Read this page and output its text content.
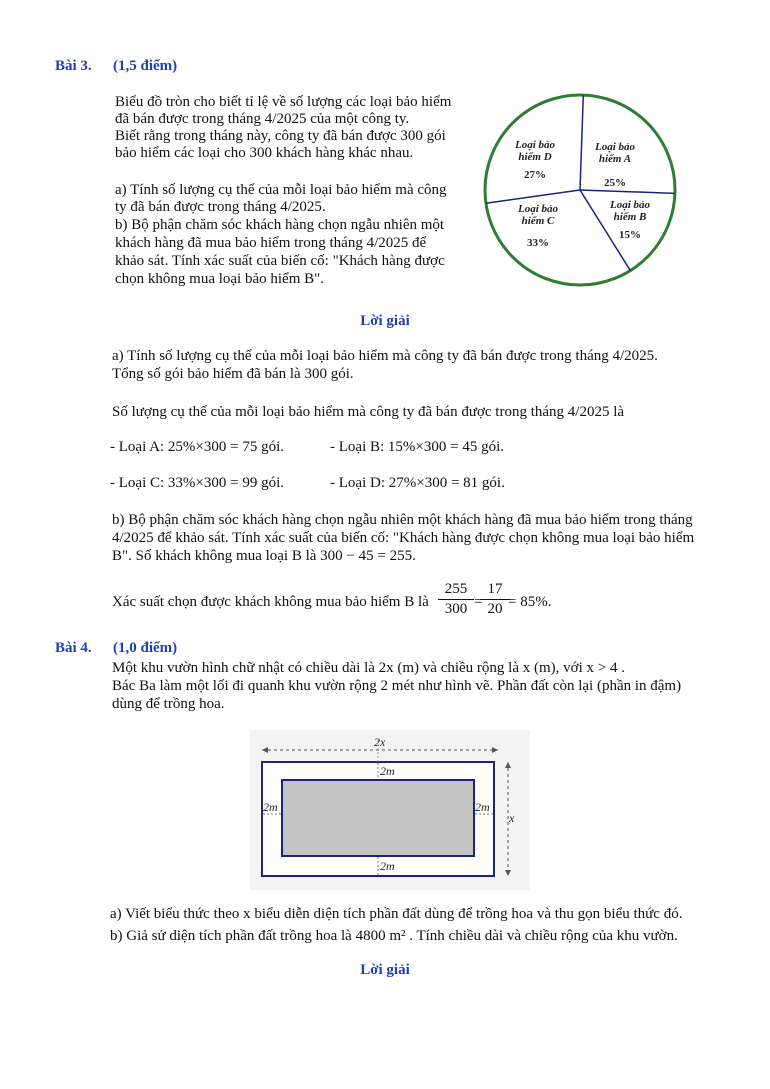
Bài 3. (1,5 điểm)
Biểu đồ tròn cho biết tỉ lệ về số lượng các loại bảo hiểm
đã bán được trong tháng 4/2025 của một công ty.
Biết rằng trong tháng này, công ty đã bán được 300 gói
bảo hiểm các loại cho 300 khách hàng khác nhau.
a) Tính số lượng cụ thể của mỗi loại bảo hiểm mà công
ty đã bán được trong tháng 4/2025.
b) Bộ phận chăm sóc khách hàng chọn ngẫu nhiên một
khách hàng đã mua bảo hiểm trong tháng 4/2025 để
khảo sát. Tính xác suất của biến cố: "Khách hàng được
chọn không mua loại bảo hiểm B".
Loại bảo
hiểm A
25%
Loại bảo
hiểm B
15%
Loại bảo
hiểm C
33%
Loại bảo
hiểm D
27%
Lời giải
a) Tính số lượng cụ thể của mỗi loại bảo hiểm mà công ty đã bán được trong tháng 4/2025.
Tổng số gói bảo hiểm đã bán là 300 gói.
Số lượng cụ thể của mỗi loại bảo hiểm mà công ty đã bán được trong tháng 4/2025 là
- Loại A: 25%×300 = 75 gói.	- Loại B: 15%×300 = 45 gói.
- Loại C: 33%×300 = 99 gói.	- Loại D: 27%×300 = 81 gói.
b) Bộ phận chăm sóc khách hàng chọn ngẫu nhiên một khách hàng đã mua bảo hiểm trong tháng
4/2025 để khảo sát. Tính xác suất của biến cố: "Khách hàng được chọn không mua loại bảo hiểm
B". Số khách không mua loại B là 300 − 45 = 255.
Xác suất chọn được khách không mua bảo hiểm B là
255
300 =
17
20 = 85%.
Bài 4. (1,0 điểm)
Một khu vườn hình chữ nhật có chiều dài là 2x (m) và chiều rộng là x (m), với x > 4 .
Bác Ba làm một lối đi quanh khu vườn rộng 2 mét như hình vẽ. Phần đất còn lại (phần in đậm)
dùng để trồng hoa.
2x
x
2m
2m
2m	2m
a) Viết biểu thức theo x biểu diễn diện tích phần đất dùng để trồng hoa và thu gọn biểu thức đó.
b) Giả sử diện tích phần đất trồng hoa là 4800 m² . Tính chiều dài và chiều rộng của khu vườn.
Lời giải
